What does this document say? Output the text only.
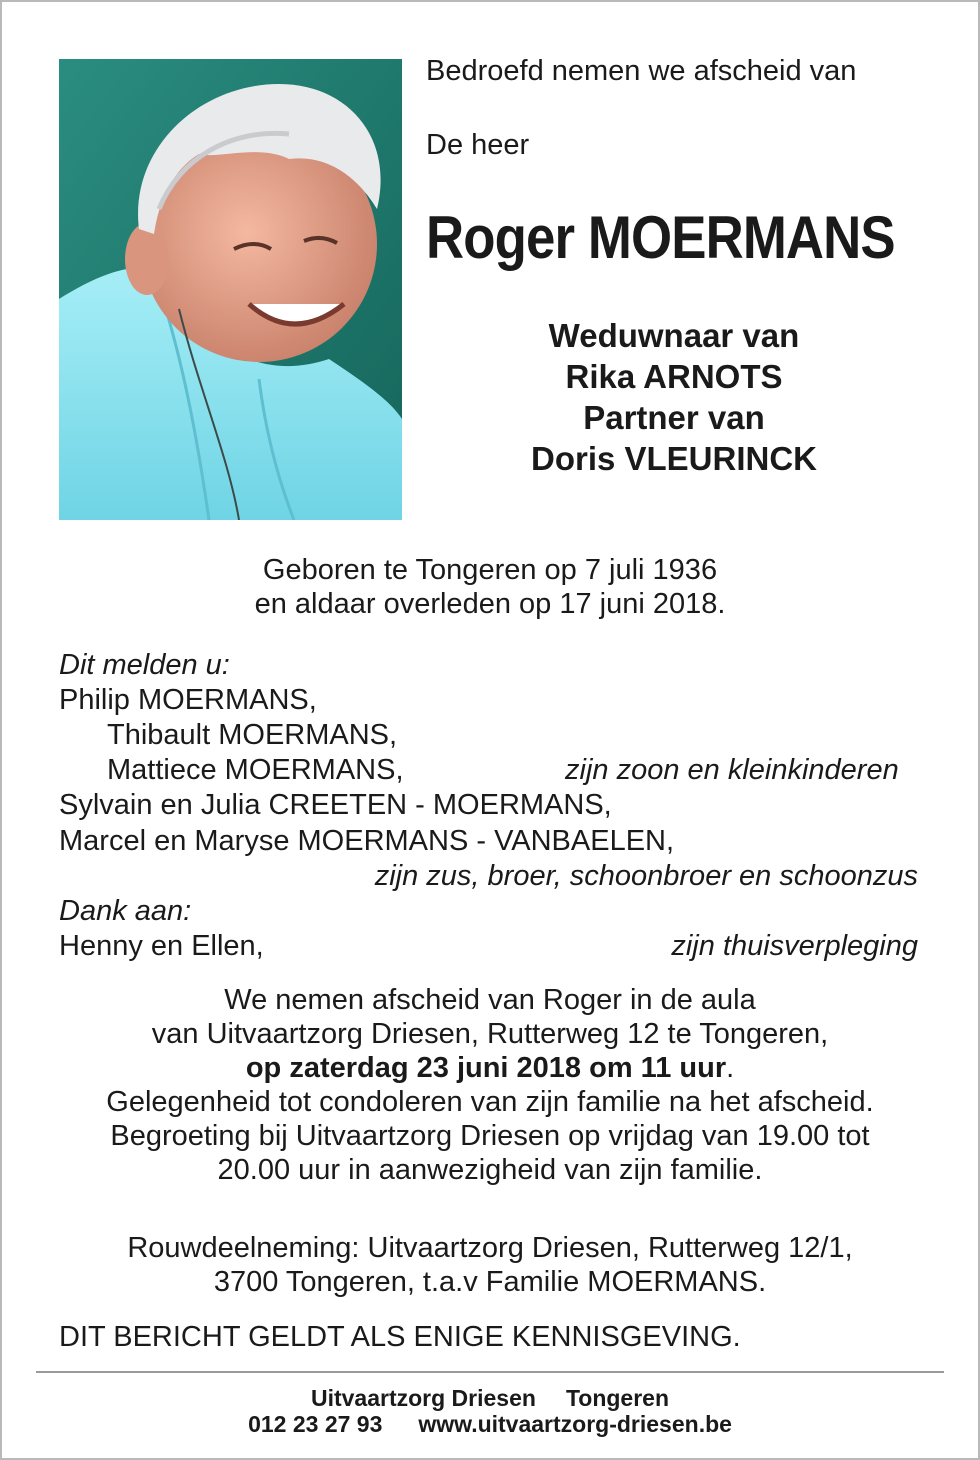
Bedroefd nemen we afscheid van
De heer
Roger MOERMANS
Weduwnaar van
Rika ARNOTS
Partner van
Doris VLEURINCK
Geboren te Tongeren op 7 juli 1936
en aldaar overleden op 17 juni 2018.
Dit melden u:
Philip MOERMANS,
Thibault MOERMANS,
Mattiece MOERMANS,	zijn zoon en kleinkinderen
Sylvain en Julia CREETEN - MOERMANS,
Marcel en Maryse MOERMANS - VANBAELEN,
zijn zus, broer, schoonbroer en schoonzus
Dank aan:
Henny en Ellen,	zijn thuisverpleging
We nemen afscheid van Roger in de aula
van Uitvaartzorg Driesen, Rutterweg 12 te Tongeren,
op zaterdag 23 juni 2018 om 11 uur.
Gelegenheid tot condoleren van zijn familie na het afscheid.
Begroeting bij Uitvaartzorg Driesen op vrijdag van 19.00 tot
20.00 uur in aanwezigheid van zijn familie.
Rouwdeelneming: Uitvaartzorg Driesen, Rutterweg 12/1,
3700 Tongeren, t.a.v Familie MOERMANS.
DIT BERICHT GELDT ALS ENIGE KENNISGEVING.
Uitvaartzorg Driesen Tongeren
012 23 27 93 www.uitvaartzorg-driesen.be
